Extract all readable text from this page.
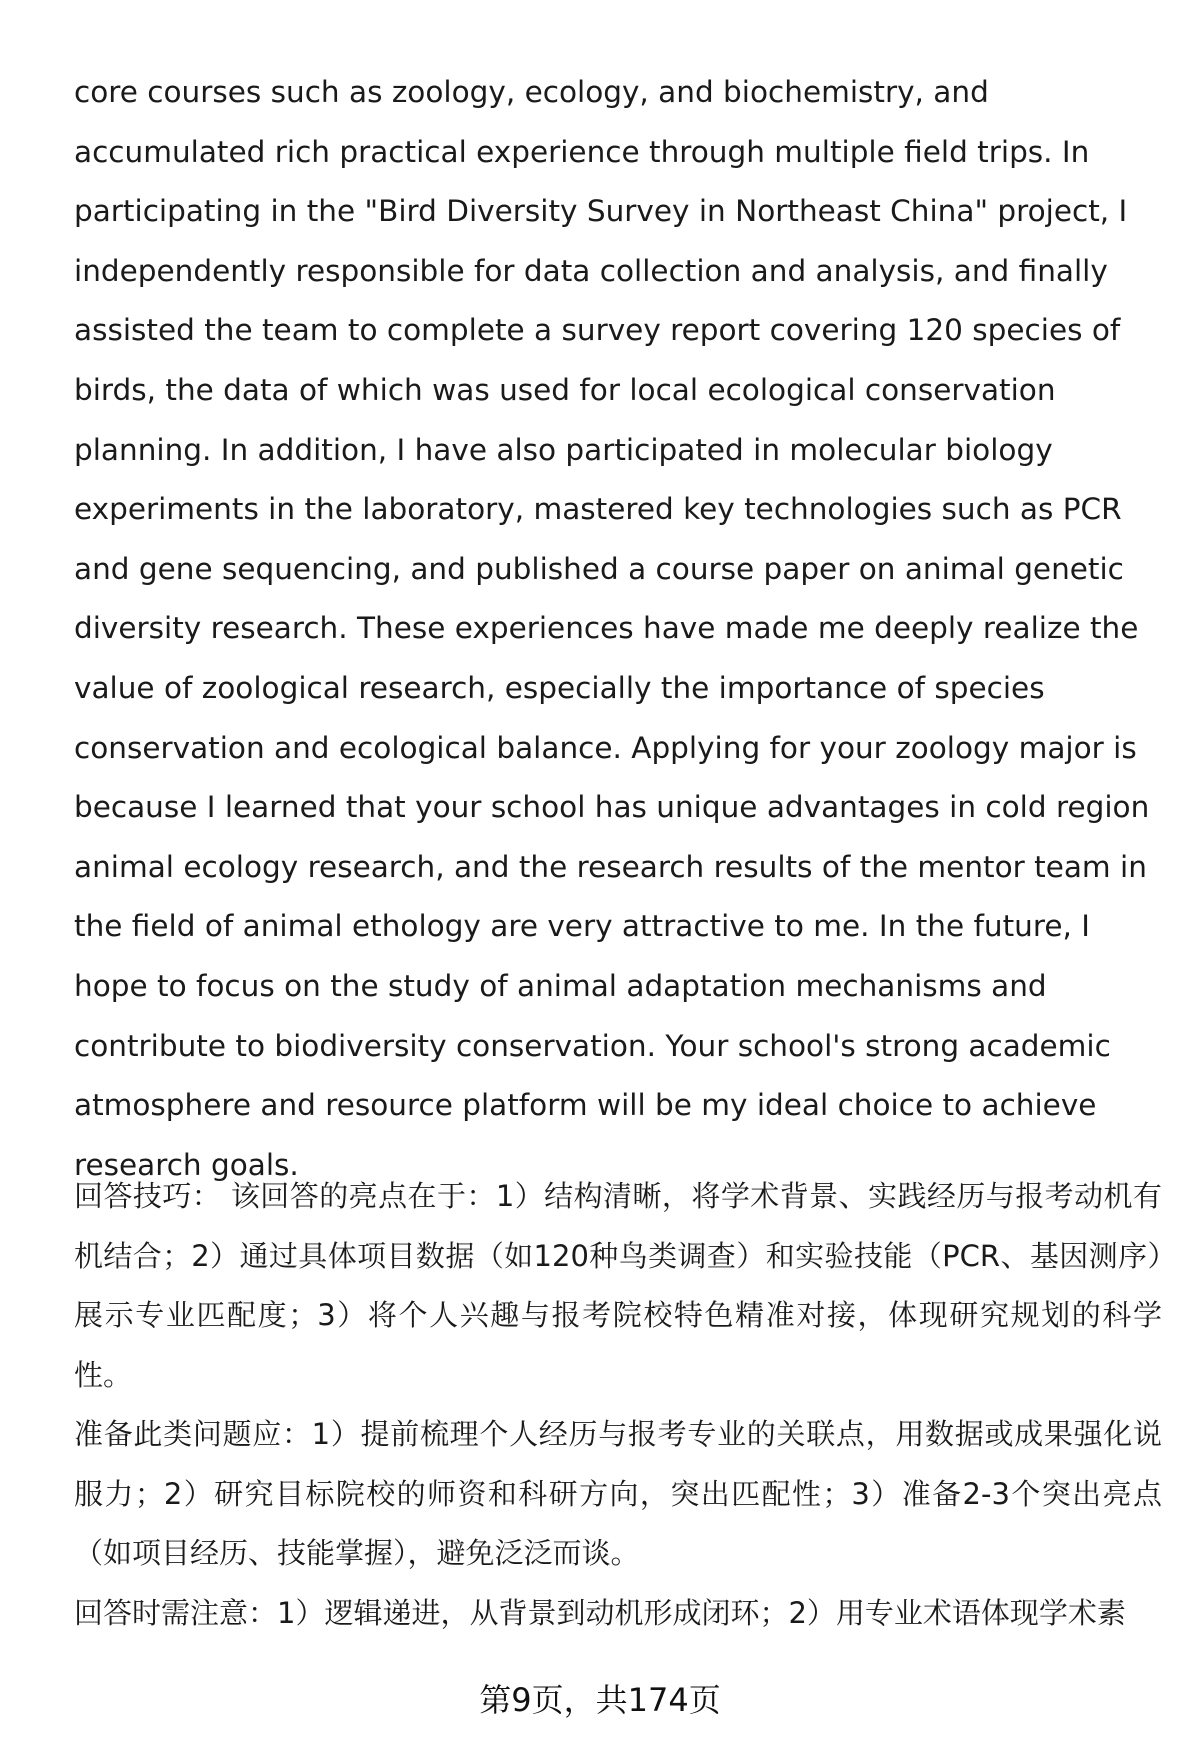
core courses such as zoology, ecology, and biochemistry, and accumulated rich practical experience through multiple field trips. In participating in the "Bird Diversity Survey in Northeast China" project, I independently responsible for data collection and analysis, and finally assisted the team to complete a survey report covering 120 species of birds, the data of which was used for local ecological conservation planning. In addition, I have also participated in molecular biology experiments in the laboratory, mastered key technologies such as PCR and gene sequencing, and published a course paper on animal genetic diversity research. These experiences have made me deeply realize the value of zoological research, especially the importance of species conservation and ecological balance. Applying for your zoology major is because I learned that your school has unique advantages in cold region animal ecology research, and the research results of the mentor team in the field of animal ethology are very attractive to me. In the future, I hope to focus on the study of animal adaptation mechanisms and contribute to biodiversity conservation. Your school's strong academic atmosphere and resource platform will be my ideal choice to achieve research goals.

回答技巧： 该回答的亮点在于：1）结构清晰，将学术背景、实践经历与报考动机有机结合；2）通过具体项目数据（如120种鸟类调查）和实验技能（PCR、基因测序）展示专业匹配度；3）将个人兴趣与报考院校特色精准对接，体现研究规划的科学性。

准备此类问题应：1）提前梳理个人经历与报考专业的关联点，用数据或成果强化说服力；2）研究目标院校的师资和科研方向，突出匹配性；3）准备2-3个突出亮点（如项目经历、技能掌握），避免泛泛而谈。

回答时需注意：1）逻辑递进，从背景到动机形成闭环；2）用专业术语体现学术素

第9页，共174页
